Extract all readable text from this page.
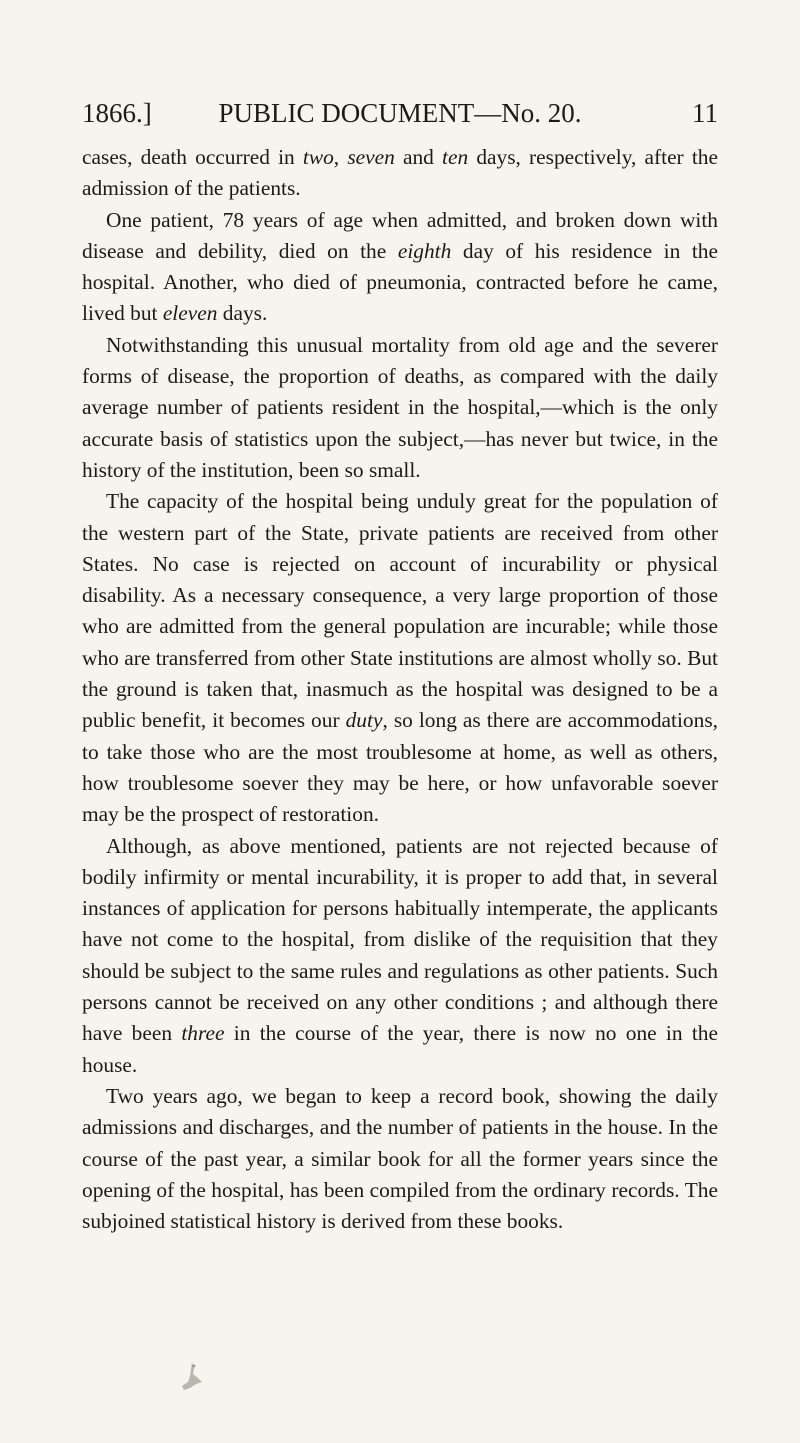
1866.]	PUBLIC DOCUMENT—No. 20.	11

cases, death occurred in two, seven and ten days, respectively, after the admission of the patients.

One patient, 78 years of age when admitted, and broken down with disease and debility, died on the eighth day of his residence in the hospital. Another, who died of pneumonia, contracted before he came, lived but eleven days.

Notwithstanding this unusual mortality from old age and the severer forms of disease, the proportion of deaths, as compared with the daily average number of patients resident in the hospital,—which is the only accurate basis of statistics upon the subject,—has never but twice, in the history of the institution, been so small.

The capacity of the hospital being unduly great for the population of the western part of the State, private patients are received from other States. No case is rejected on account of incurability or physical disability. As a necessary consequence, a very large proportion of those who are admitted from the general population are incurable; while those who are transferred from other State institutions are almost wholly so. But the ground is taken that, inasmuch as the hospital was designed to be a public benefit, it becomes our duty, so long as there are accommodations, to take those who are the most troublesome at home, as well as others, how troublesome soever they may be here, or how unfavorable soever may be the prospect of restoration.

Although, as above mentioned, patients are not rejected because of bodily infirmity or mental incurability, it is proper to add that, in several instances of application for persons habitually intemperate, the applicants have not come to the hospital, from dislike of the requisition that they should be subject to the same rules and regulations as other patients. Such persons cannot be received on any other conditions ; and although there have been three in the course of the year, there is now no one in the house.

Two years ago, we began to keep a record book, showing the daily admissions and discharges, and the number of patients in the house. In the course of the past year, a similar book for all the former years since the opening of the hospital, has been compiled from the ordinary records. The subjoined statistical history is derived from these books.
